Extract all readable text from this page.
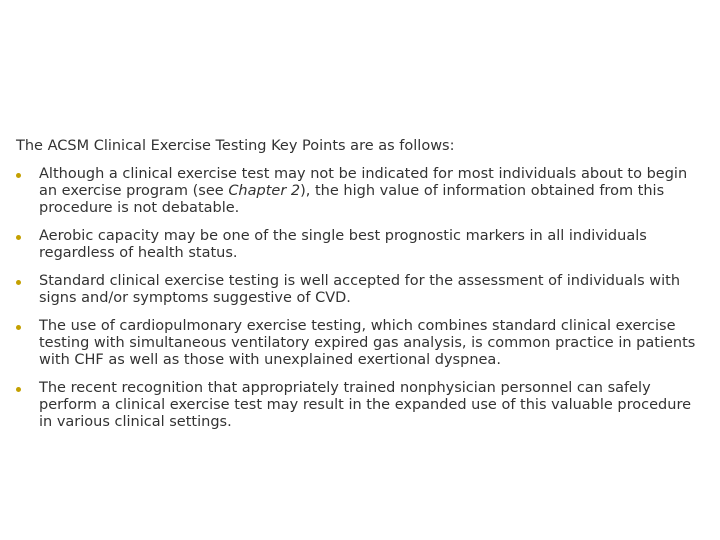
The ACSM Clinical Exercise Testing Key Points are as follows:

Although a clinical exercise test may not be indicated for most individuals about to begin an exercise program (see Chapter 2), the high value of information obtained from this procedure is not debatable.
Aerobic capacity may be one of the single best prognostic markers in all individuals regardless of health status.
Standard clinical exercise testing is well accepted for the assessment of individuals with signs and/or symptoms suggestive of CVD.
The use of cardiopulmonary exercise testing, which combines standard clinical exercise testing with simultaneous ventilatory expired gas analysis, is common practice in patients with CHF as well as those with unexplained exertional dyspnea.
The recent recognition that appropriately trained nonphysician personnel can safely perform a clinical exercise test may result in the expanded use of this valuable procedure in various clinical settings.
